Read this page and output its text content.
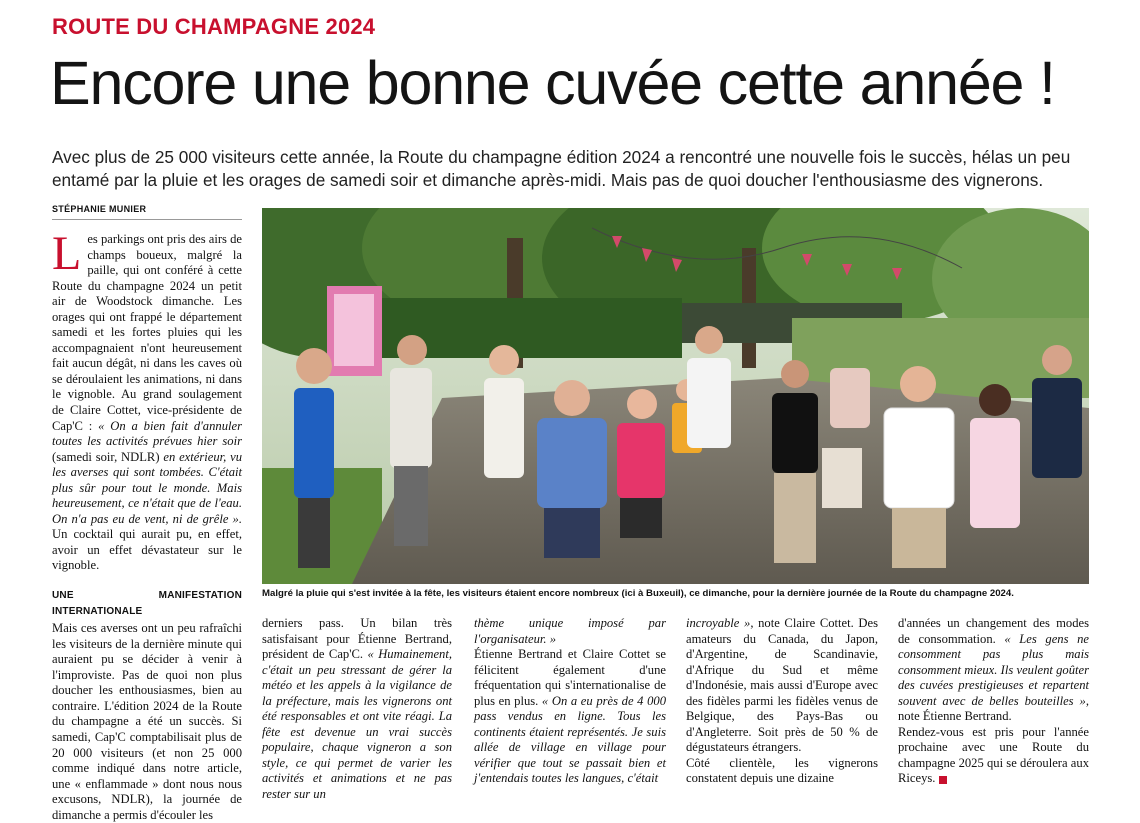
ROUTE DU CHAMPAGNE 2024
Encore une bonne cuvée cette année !
Avec plus de 25 000 visiteurs cette année, la Route du champagne édition 2024 a rencontré une nouvelle fois le succès, hélas un peu entamé par la pluie et les orages de samedi soir et dimanche après-midi. Mais pas de quoi doucher l'enthousiasme des vignerons.
STÉPHANIE MUNIER

Les parkings ont pris des airs de champs boueux, malgré la paille, qui ont conféré à cette Route du champagne 2024 un petit air de Woodstock dimanche. Les orages qui ont frappé le département samedi et les fortes pluies qui les accompagnaient n'ont heureusement fait aucun dégât, ni dans les caves où se déroulaient les animations, ni dans le vignoble. Au grand soulagement de Claire Cottet, vice-présidente de Cap'C : « On a bien fait d'annuler toutes les activités prévues hier soir (samedi soir, NDLR) en extérieur, vu les averses qui sont tombées. C'était plus sûr pour tout le monde. Mais heureusement, ce n'était que de l'eau. On n'a pas eu de vent, ni de grêle ». Un cocktail qui aurait pu, en effet, avoir un effet dévastateur sur le vignoble.

UNE MANIFESTATION INTERNATIONALE

Mais ces averses ont un peu rafraîchi les visiteurs de la dernière minute qui auraient pu se décider à venir à l'improviste. Pas de quoi non plus doucher les enthousiasmes, bien au contraire. L'édition 2024 de la Route du champagne a été un succès. Si samedi, Cap'C comptabilisait plus de 20 000 visiteurs (et non 25 000 comme indiqué dans notre article, une « enflammade » dont nous nous excusons, NDLR), la journée de dimanche a permis d'écouler les

Malgré la pluie qui s'est invitée à la fête, les visiteurs étaient encore nombreux (ici à Buxeuil), ce dimanche, pour la dernière journée de la Route du champagne 2024.

derniers pass. Un bilan très satisfaisant pour Étienne Bertrand, président de Cap'C. « Humainement, c'était un peu stressant de gérer la météo et les appels à la vigilance de la préfecture, mais les vignerons ont été responsables et ont vite réagi. La fête est devenue un vrai succès populaire, chaque vigneron a son style, ce qui permet de varier les activités et animations et ne pas rester sur un

thème unique imposé par l'organisateur. »

Étienne Bertrand et Claire Cottet se félicitent également d'une fréquentation qui s'internationalise de plus en plus. « On a eu près de 4 000 pass vendus en ligne. Tous les continents étaient représentés. Je suis allée de village en village pour vérifier que tout se passait bien et j'entendais toutes les langues, c'était

incroyable », note Claire Cottet. Des amateurs du Canada, du Japon, d'Argentine, de Scandinavie, d'Afrique du Sud et même d'Indonésie, mais aussi d'Europe avec des fidèles parmi les fidèles venus de Belgique, des Pays-Bas ou d'Angleterre. Soit près de 50 % de dégustateurs étrangers.

Côté clientèle, les vignerons constatent depuis une dizaine

d'années un changement des modes de consommation. « Les gens ne consomment pas plus mais consomment mieux. Ils veulent goûter des cuvées prestigieuses et repartent souvent avec de belles bouteilles », note Étienne Bertrand.

Rendez-vous est pris pour l'année prochaine avec une Route du champagne 2025 qui se déroulera aux Riceys.
